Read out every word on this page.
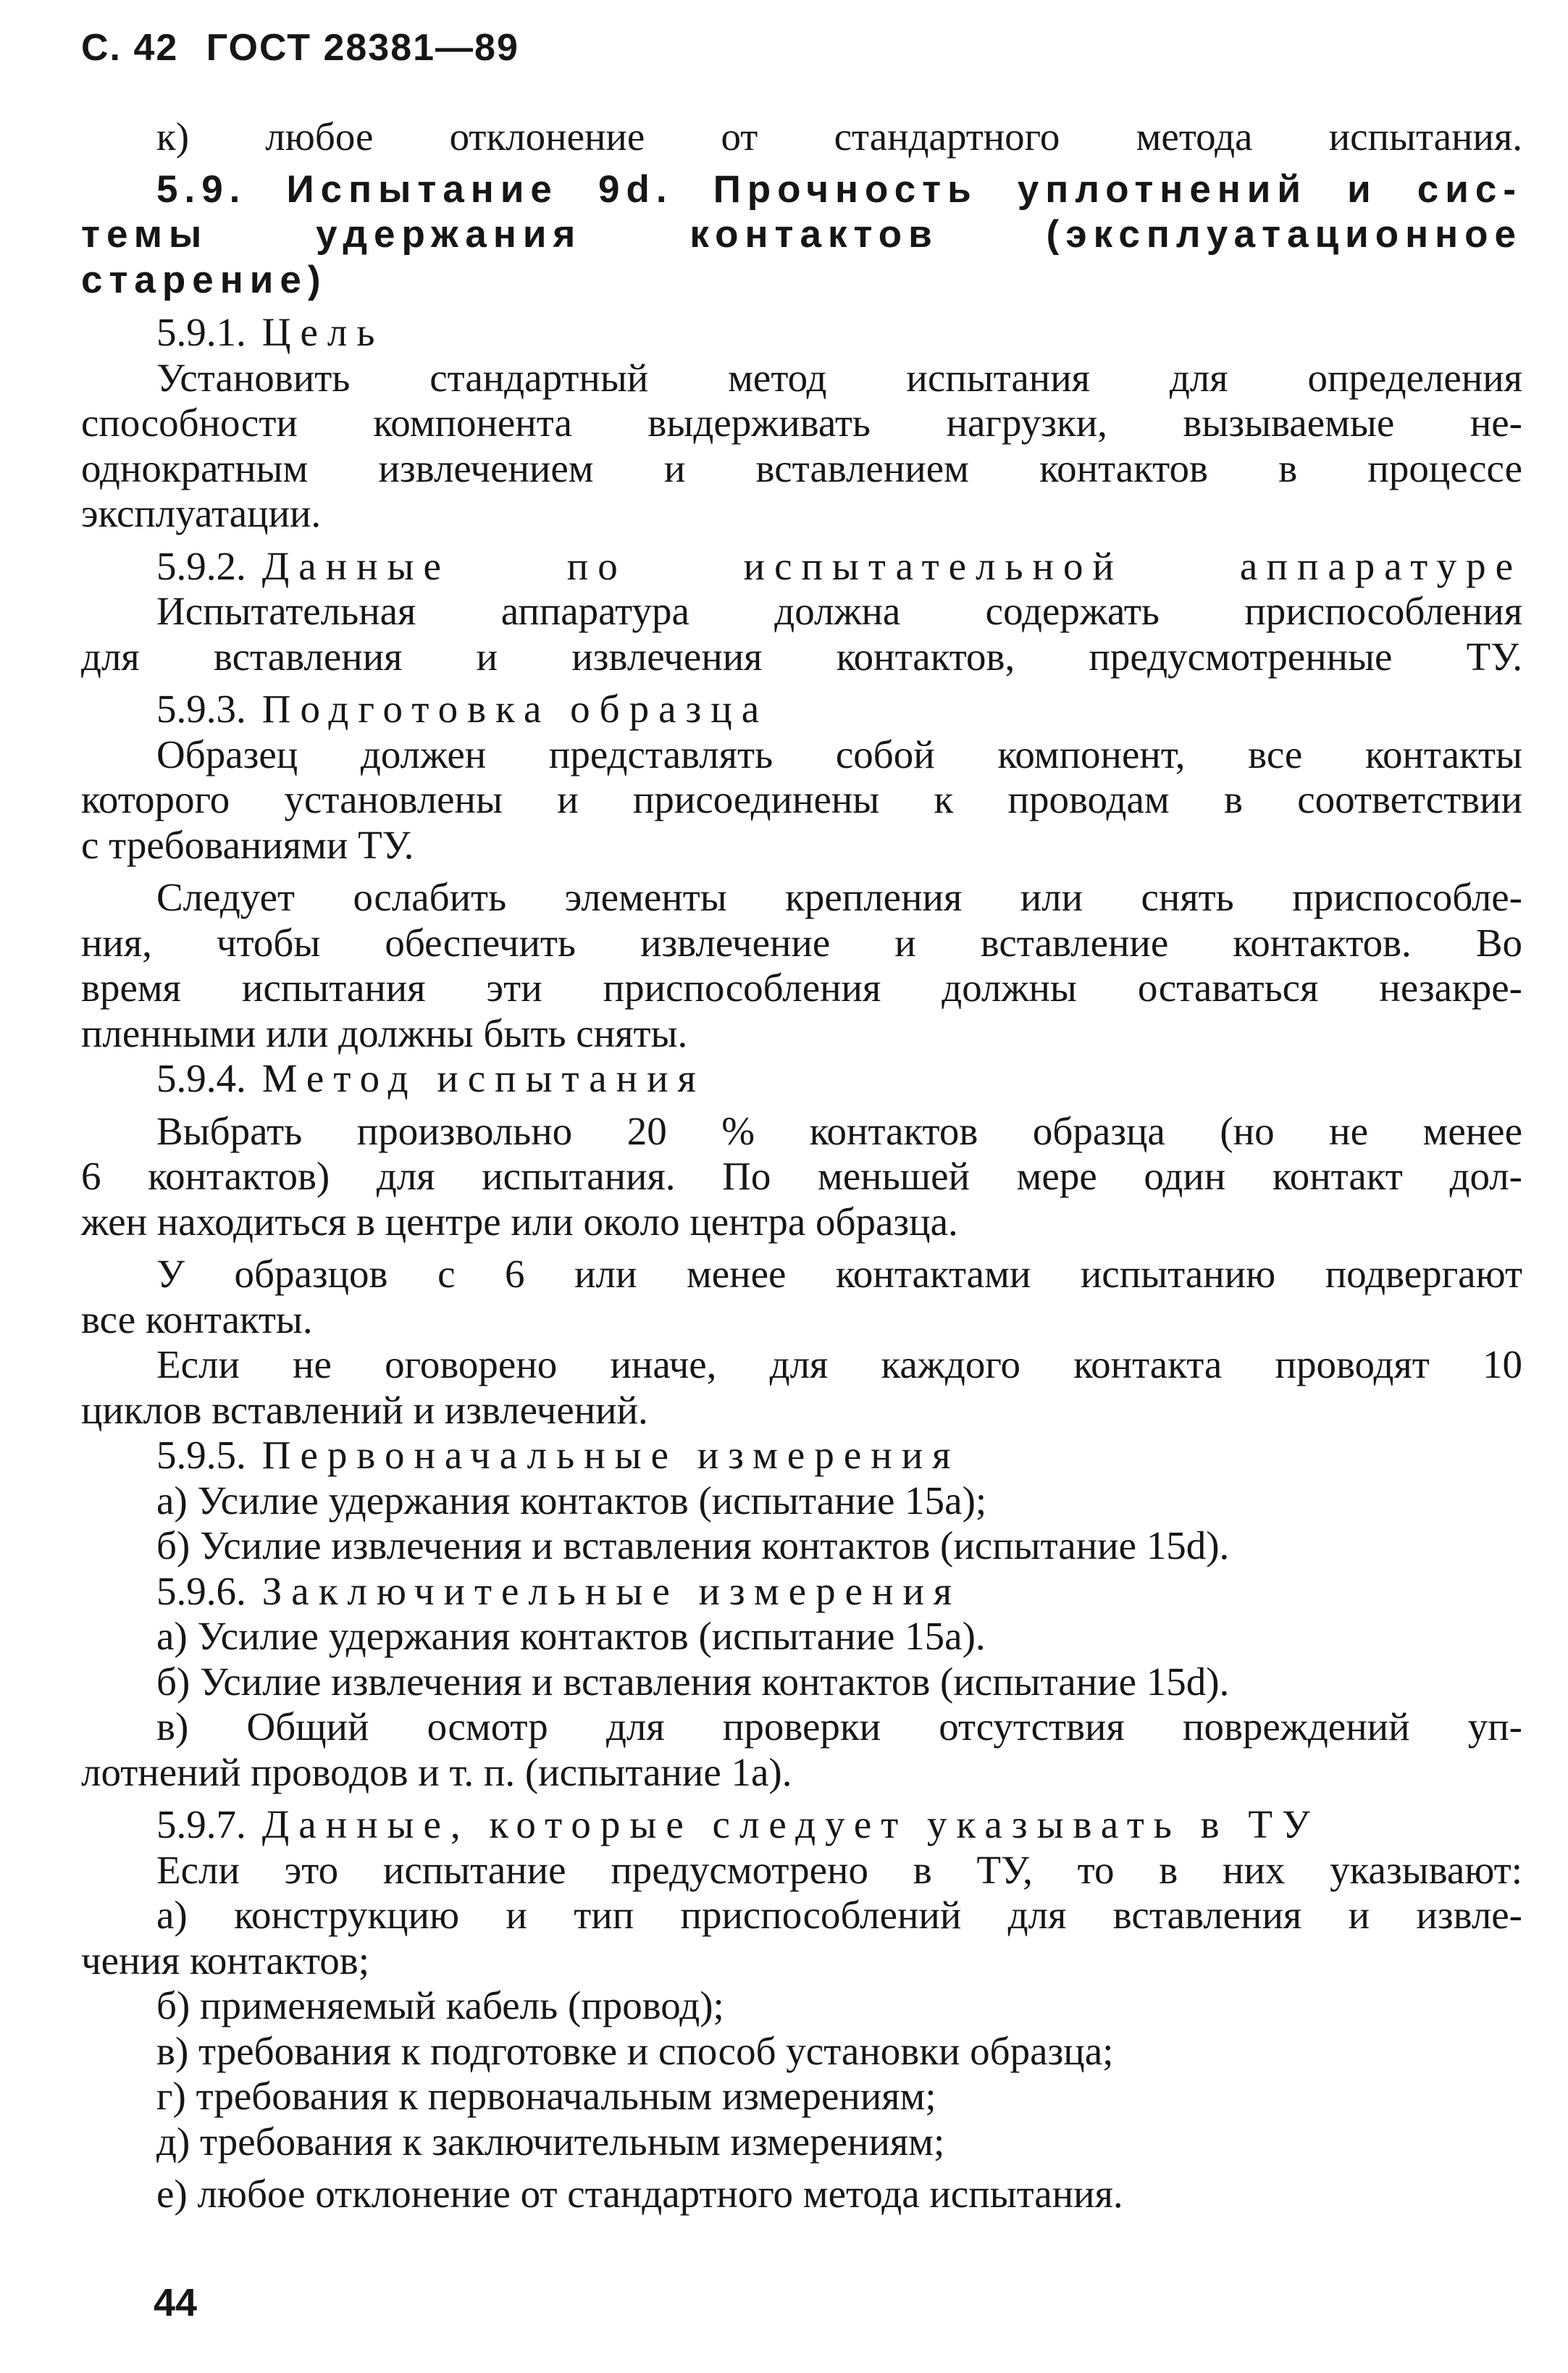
С. 42 ГОСТ 28381—89
к) любое отклонение от стандартного метода испытания.
5.9. Испытание 9d. Прочность уплотнений и сис-
темы удержания контактов (эксплуатационное
старение)
5.9.1. Цель
Установить стандартный метод испытания для определения
способности компонента выдерживать нагрузки, вызываемые не-
однократным извлечением и вставлением контактов в процессе
эксплуатации.
5.9.2. Данные по испытательной аппаратуре
Испытательная аппаратура должна содержать приспособления
для вставления и извлечения контактов, предусмотренные ТУ.
5.9.3. Подготовка образца
Образец должен представлять собой компонент, все контакты
которого установлены и присоединены к проводам в соответствии
с требованиями ТУ.
Следует ослабить элементы крепления или снять приспособле-
ния, чтобы обеспечить извлечение и вставление контактов. Во
время испытания эти приспособления должны оставаться незакре-
пленными или должны быть сняты.
5.9.4. Метод испытания
Выбрать произвольно 20 % контактов образца (но не менее
6 контактов) для испытания. По меньшей мере один контакт дол-
жен находиться в центре или около центра образца.
У образцов с 6 или менее контактами испытанию подвергают
все контакты.
Если не оговорено иначе, для каждого контакта проводят 10
циклов вставлений и извлечений.
5.9.5. Первоначальные измерения
а) Усилие удержания контактов (испытание 15a);
б) Усилие извлечения и вставления контактов (испытание 15d).
5.9.6. Заключительные измерения
а) Усилие удержания контактов (испытание 15a).
б) Усилие извлечения и вставления контактов (испытание 15d).
в) Общий осмотр для проверки отсутствия повреждений уп-
лотнений проводов и т. п. (испытание 1a).
5.9.7. Данные, которые следует указывать в ТУ
Если это испытание предусмотрено в ТУ, то в них указывают:
а) конструкцию и тип приспособлений для вставления и извле-
чения контактов;
б) применяемый кабель (провод);
в) требования к подготовке и способ установки образца;
г) требования к первоначальным измерениям;
д) требования к заключительным измерениям;
е) любое отклонение от стандартного метода испытания.
44
